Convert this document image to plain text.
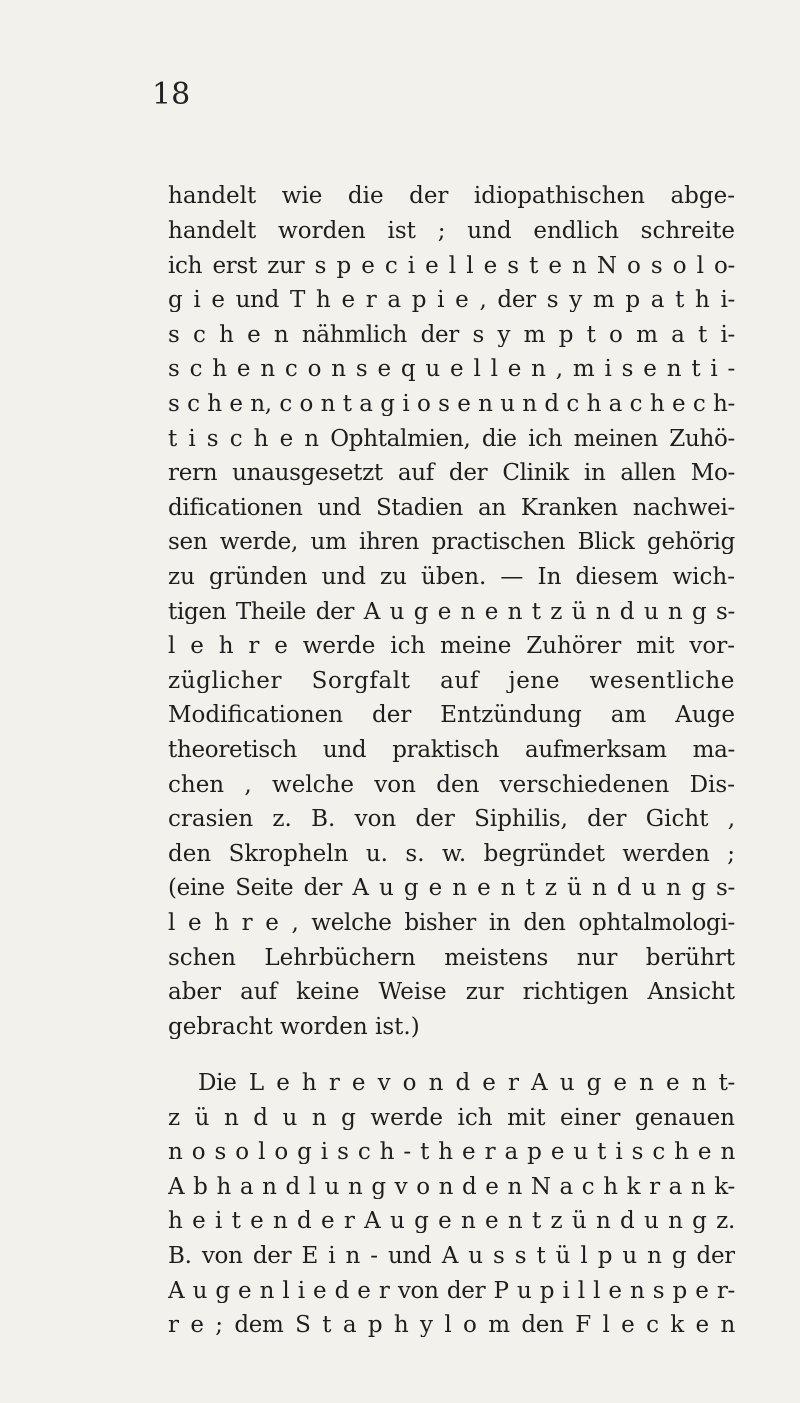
18

handelt wie die der idiopathischen abge-

handelt worden ist ; und endlich schreite

ich erst zur s p e c i e l l e s t e n N o s o l o-

g i e und T h e r a p i e , der s y m p a t h i-

s c h e n nähmlich der s y m p t o m a t i-

s c h e n c o n s e q u e l l e n , m i s e n t i -

s c h e n, c o n t a g i o s e n u n d c h a c h e c h-

t i s c h e n Ophtalmien, die ich meinen Zuhö-

rern unausgesetzt auf der Clinik in allen Mo-

dificationen und Stadien an Kranken nachwei-

sen werde, um ihren practischen Blick gehörig

zu gründen und zu üben. — In diesem wich-

tigen Theile der A u g e n e n t z ü n d u n g s-

l e h r e werde ich meine Zuhörer mit vor-

züglicher Sorgfalt auf jene wesentliche

Modificationen der Entzündung am Auge

theoretisch und praktisch aufmerksam ma-

chen , welche von den verschiedenen Dis-

crasien z. B. von der Siphilis, der Gicht ,

den Skropheln u. s. w. begründet werden ;

(eine Seite der A u g e n e n t z ü n d u n g s-

l e h r e , welche bisher in den ophtalmologi-

schen Lehrbüchern meistens nur berührt

aber auf keine Weise zur richtigen Ansicht

gebracht worden ist.)

Die L e h r e v o n d e r A u g e n e n t-

z ü n d u n g werde ich mit einer genauen

n o s o l o g i s c h - t h e r a p e u t i s c h e n

A b h a n d l u n g v o n d e n N a c h k r a n k-

h e i t e n d e r A u g e n e n t z ü n d u n g z.

B. von der E i n - und A u s s t ü l p u n g der

A u g e n l i e d e r von der P u p i l l e n s p e r-

r e ; dem S t a p h y l o m den F l e c k e n
